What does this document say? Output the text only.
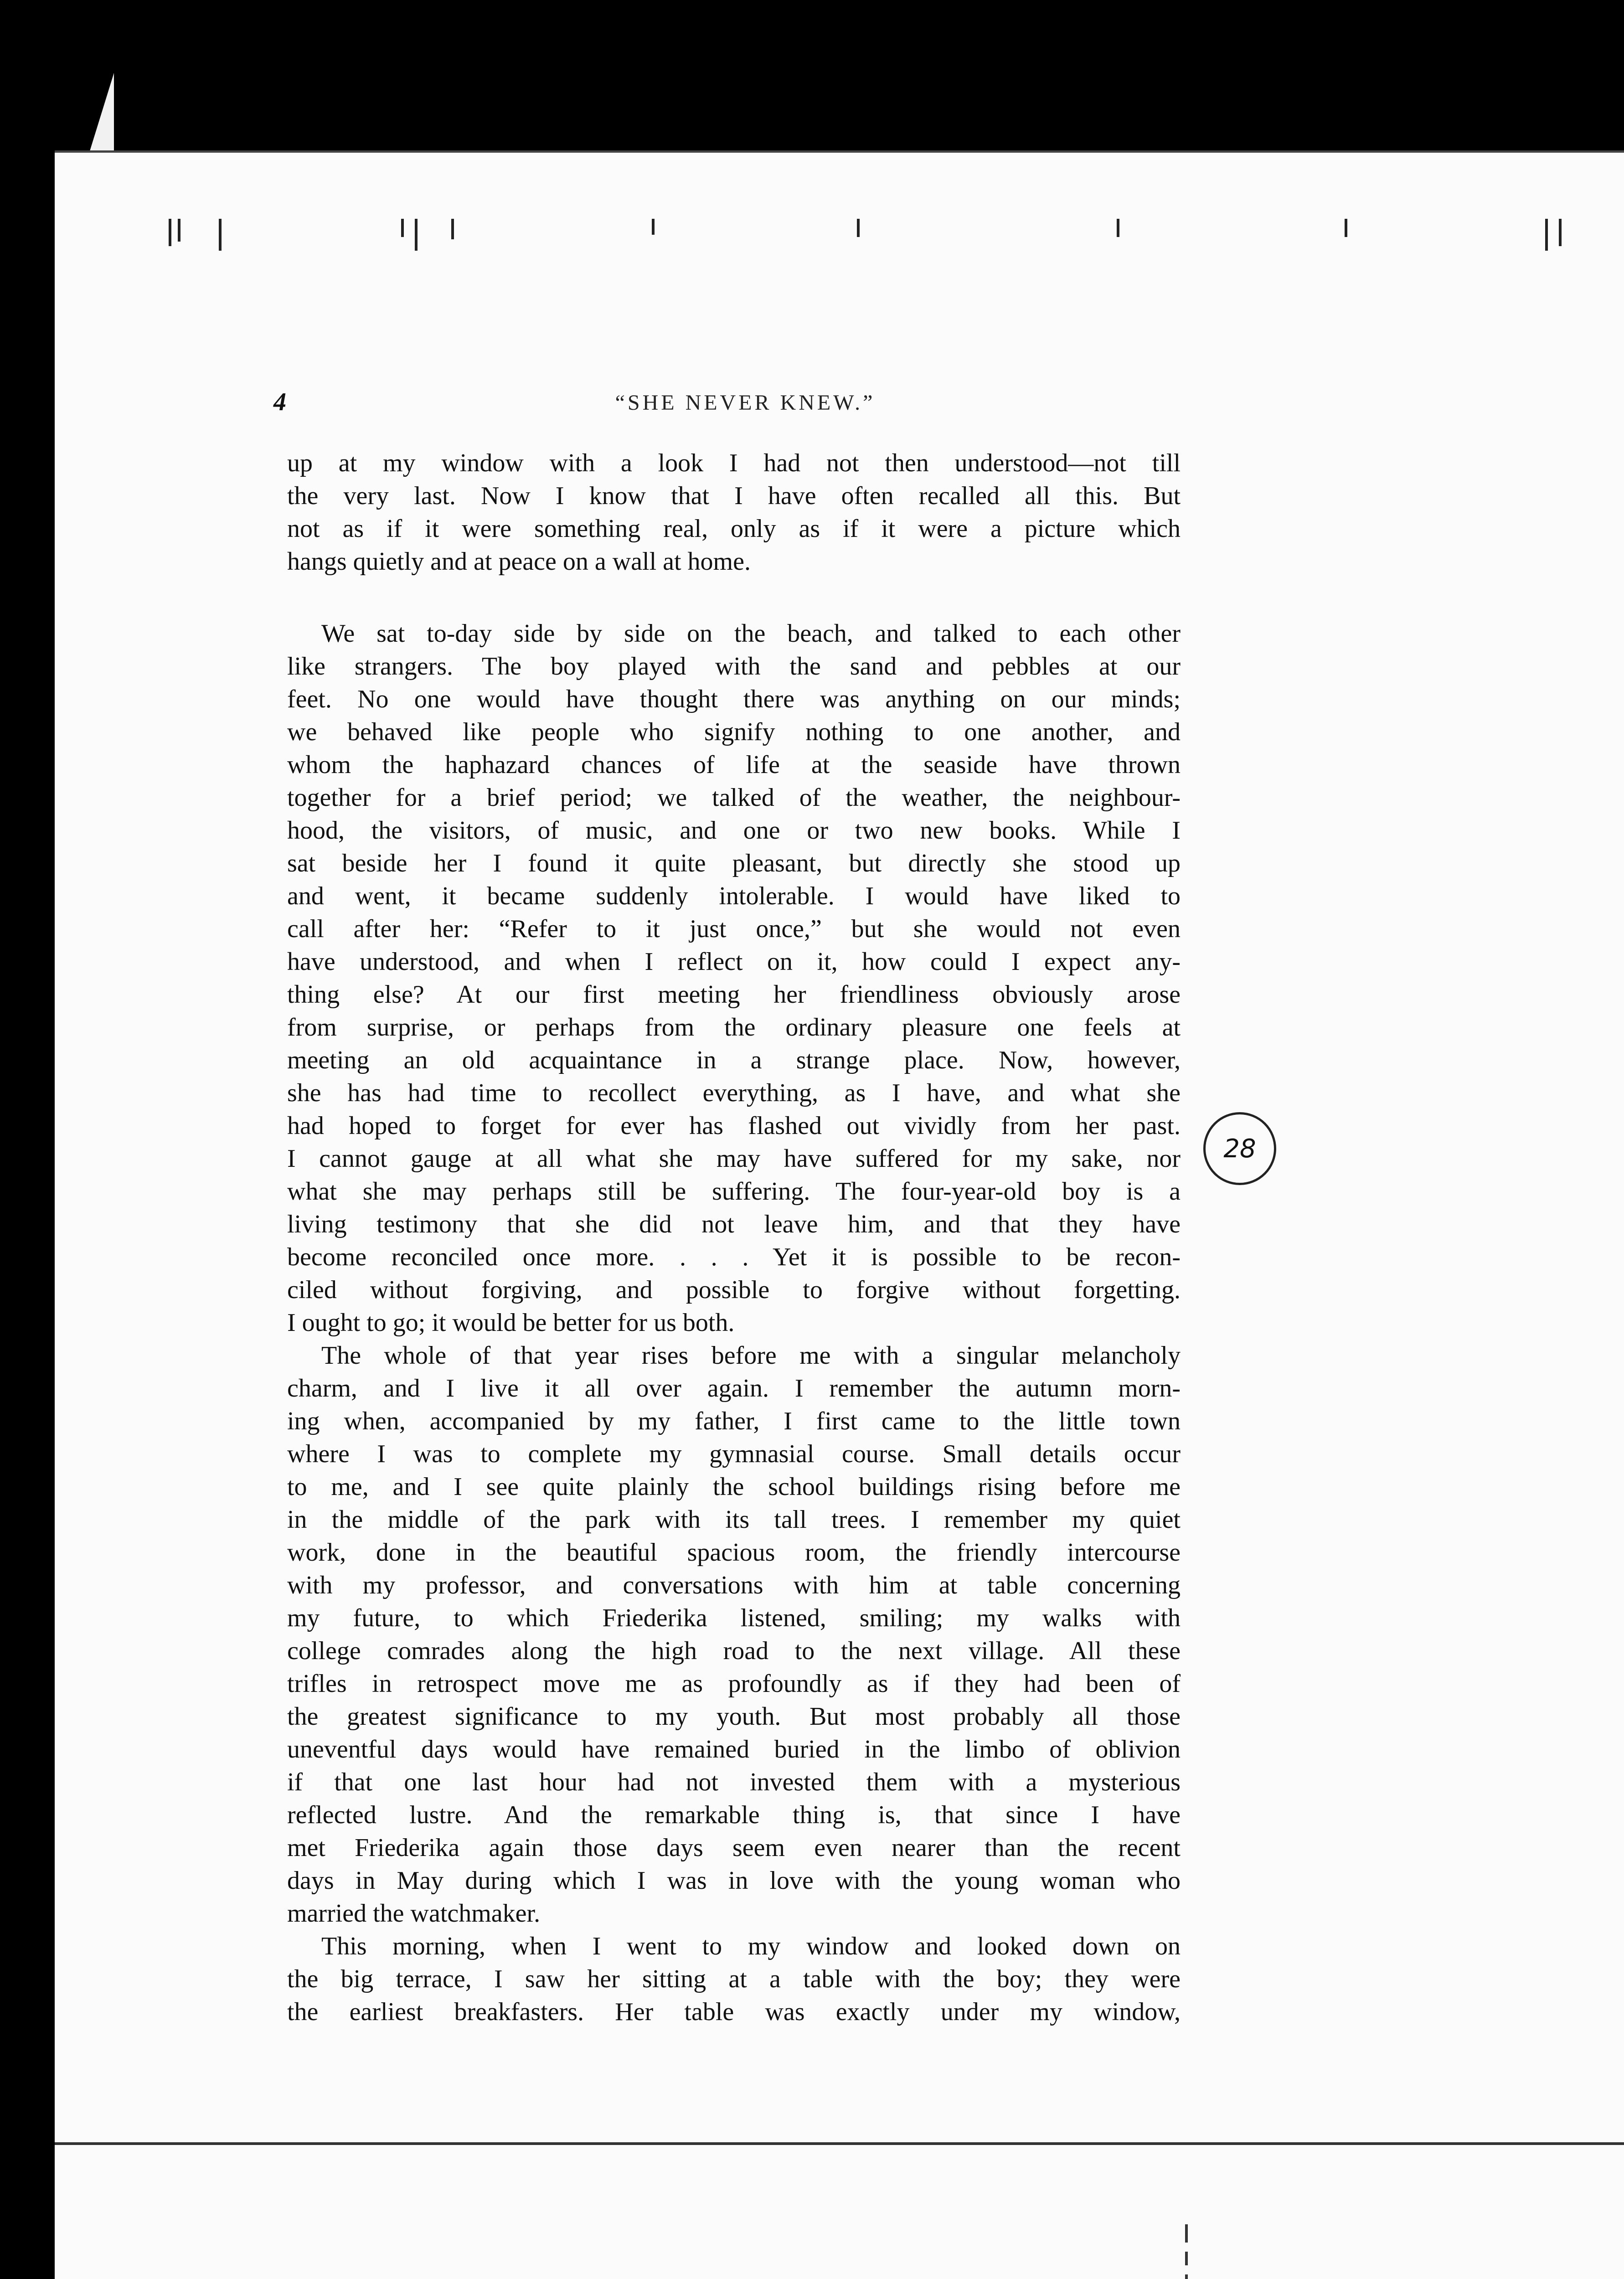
4	“SHE NEVER KNEW.”
up at my window with a look I had not then understood—not till
the very last. Now I know that I have often recalled all this. But
not as if it were something real, only as if it were a picture which
hangs quietly and at peace on a wall at home.
We sat to-day side by side on the beach, and talked to each other
like strangers. The boy played with the sand and pebbles at our
feet. No one would have thought there was anything on our minds;
we behaved like people who signify nothing to one another, and
whom the haphazard chances of life at the seaside have thrown
together for a brief period; we talked of the weather, the neighbour-
hood, the visitors, of music, and one or two new books. While I
sat beside her I found it quite pleasant, but directly she stood up
and went, it became suddenly intolerable. I would have liked to
call after her: “Refer to it just once,” but she would not even
have understood, and when I reflect on it, how could I expect any-
thing else? At our first meeting her friendliness obviously arose
from surprise, or perhaps from the ordinary pleasure one feels at
meeting an old acquaintance in a strange place. Now, however,
she has had time to recollect everything, as I have, and what she
had hoped to forget for ever has flashed out vividly from her past.
I cannot gauge at all what she may have suffered for my sake, nor
what she may perhaps still be suffering. The four-year-old boy is a
living testimony that she did not leave him, and that they have
become reconciled once more. . . . Yet it is possible to be recon-
ciled without forgiving, and possible to forgive without forgetting.
I ought to go; it would be better for us both.
The whole of that year rises before me with a singular melancholy
charm, and I live it all over again. I remember the autumn morn-
ing when, accompanied by my father, I first came to the little town
where I was to complete my gymnasial course. Small details occur
to me, and I see quite plainly the school buildings rising before me
in the middle of the park with its tall trees. I remember my quiet
work, done in the beautiful spacious room, the friendly intercourse
with my professor, and conversations with him at table concerning
my future, to which Friederika listened, smiling; my walks with
college comrades along the high road to the next village. All these
trifles in retrospect move me as profoundly as if they had been of
the greatest significance to my youth. But most probably all those
uneventful days would have remained buried in the limbo of oblivion
if that one last hour had not invested them with a mysterious
reflected lustre. And the remarkable thing is, that since I have
met Friederika again those days seem even nearer than the recent
days in May during which I was in love with the young woman who
married the watchmaker.
This morning, when I went to my window and looked down on
the big terrace, I saw her sitting at a table with the boy; they were
the earliest breakfasters. Her table was exactly under my window,
28
